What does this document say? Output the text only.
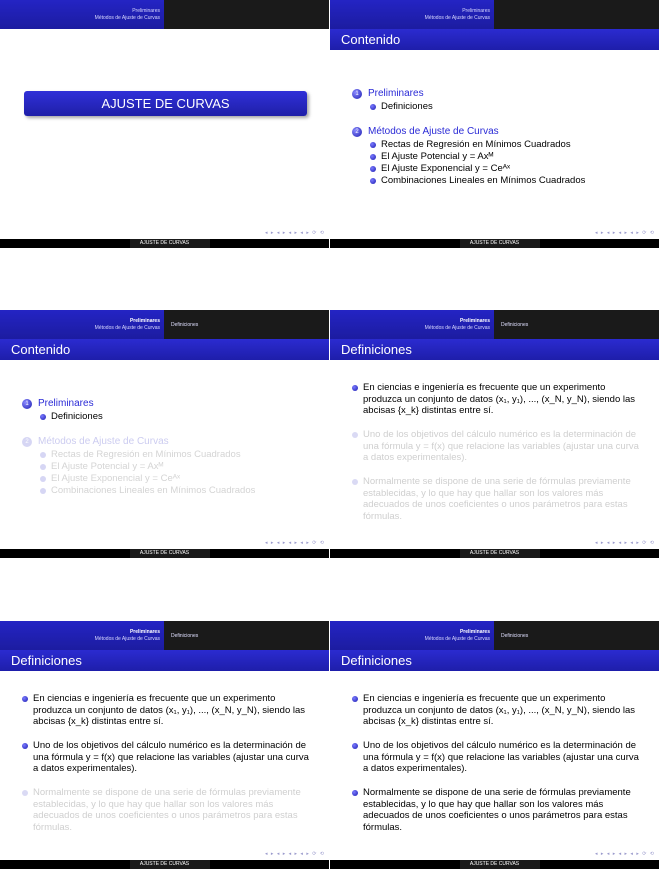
Preliminares
Métodos de Ajuste de Curvas
AJUSTE DE CURVAS
◂ ▸ ◂ ▸ ◂ ▸ ◂ ▸ ⟳ ⟲
AJUSTE DE CURVAS
Preliminares
Métodos de Ajuste de Curvas
Contenido
1 Preliminares
Definiciones
2 Métodos de Ajuste de Curvas
Rectas de Regresión en Mínimos Cuadrados
El Ajuste Potencial y = Axᴹ
El Ajuste Exponencial y = Ceᴬˣ
Combinaciones Lineales en Mínimos Cuadrados
◂ ▸ ◂ ▸ ◂ ▸ ◂ ▸ ⟳ ⟲
AJUSTE DE CURVAS
Preliminares
Métodos de Ajuste de Curvas Definiciones
Contenido
1 Preliminares
Definiciones
2 Métodos de Ajuste de Curvas
Rectas de Regresión en Mínimos Cuadrados
El Ajuste Potencial y = Axᴹ
El Ajuste Exponencial y = Ceᴬˣ
Combinaciones Lineales en Mínimos Cuadrados
◂ ▸ ◂ ▸ ◂ ▸ ◂ ▸ ⟳ ⟲
AJUSTE DE CURVAS
Preliminares
Métodos de Ajuste de Curvas Definiciones
Definiciones
En ciencias e ingeniería es frecuente que un experimento produzca un conjunto de datos (x₁, y₁), ..., (x_N, y_N), siendo las abcisas {x_k} distintas entre sí.
Uno de los objetivos del cálculo numérico es la determinación de una fórmula y = f(x) que relacione las variables (ajustar una curva a datos experimentales).
Normalmente se dispone de una serie de fórmulas previamente establecidas, y lo que hay que hallar son los valores más adecuados de unos coeficientes o unos parámetros para estas fórmulas.
◂ ▸ ◂ ▸ ◂ ▸ ◂ ▸ ⟳ ⟲
AJUSTE DE CURVAS
Preliminares
Métodos de Ajuste de Curvas Definiciones
Definiciones
En ciencias e ingeniería es frecuente que un experimento produzca un conjunto de datos (x₁, y₁), ..., (x_N, y_N), siendo las abcisas {x_k} distintas entre sí.
Uno de los objetivos del cálculo numérico es la determinación de una fórmula y = f(x) que relacione las variables (ajustar una curva a datos experimentales).
Normalmente se dispone de una serie de fórmulas previamente establecidas, y lo que hay que hallar son los valores más adecuados de unos coeficientes o unos parámetros para estas fórmulas.
◂ ▸ ◂ ▸ ◂ ▸ ◂ ▸ ⟳ ⟲
AJUSTE DE CURVAS
Preliminares
Métodos de Ajuste de Curvas Definiciones
Definiciones
En ciencias e ingeniería es frecuente que un experimento produzca un conjunto de datos (x₁, y₁), ..., (x_N, y_N), siendo las abcisas {x_k} distintas entre sí.
Uno de los objetivos del cálculo numérico es la determinación de una fórmula y = f(x) que relacione las variables (ajustar una curva a datos experimentales).
Normalmente se dispone de una serie de fórmulas previamente establecidas, y lo que hay que hallar son los valores más adecuados de unos coeficientes o unos parámetros para estas fórmulas.
◂ ▸ ◂ ▸ ◂ ▸ ◂ ▸ ⟳ ⟲
AJUSTE DE CURVAS
